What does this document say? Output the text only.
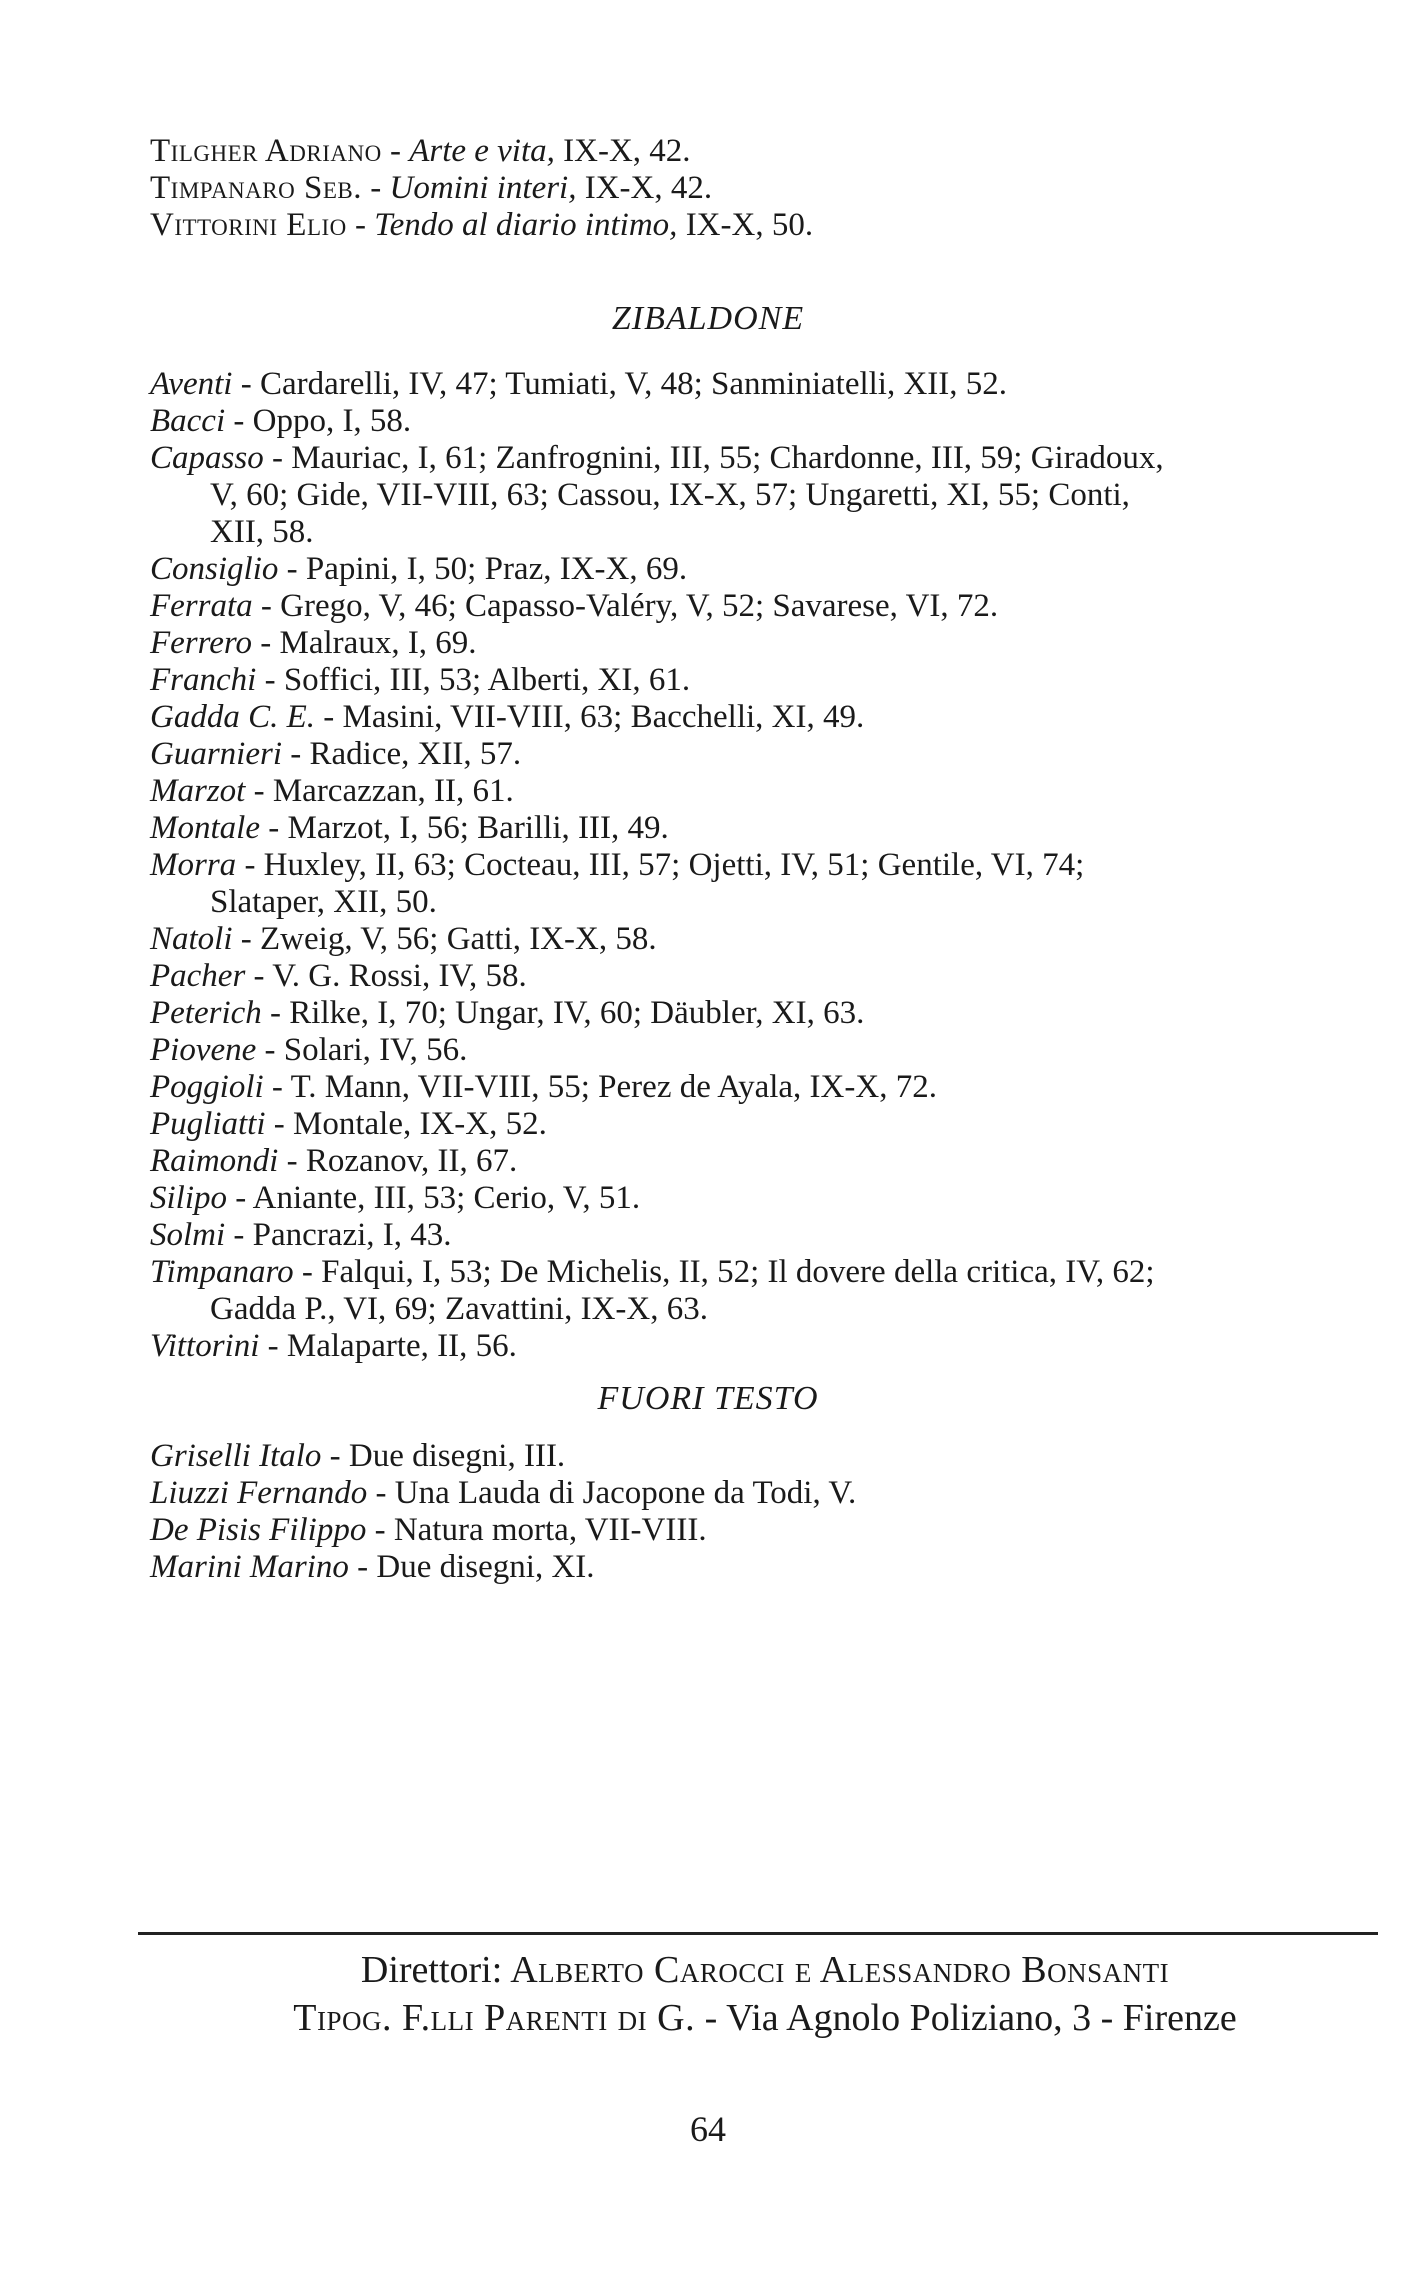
Tilgher Adriano - Arte e vita, IX-X, 42.
Timpanaro Seb. - Uomini interi, IX-X, 42.
Vittorini Elio - Tendo al diario intimo, IX-X, 50.
ZIBALDONE
Aventi - Cardarelli, IV, 47; Tumiati, V, 48; Sanminiatelli, XII, 52.
Bacci - Oppo, I, 58.
Capasso - Mauriac, I, 61; Zanfrognini, III, 55; Chardonne, III, 59; Giradoux,
V, 60; Gide, VII-VIII, 63; Cassou, IX-X, 57; Ungaretti, XI, 55; Conti,
XII, 58.
Consiglio - Papini, I, 50; Praz, IX-X, 69.
Ferrata - Grego, V, 46; Capasso-Valéry, V, 52; Savarese, VI, 72.
Ferrero - Malraux, I, 69.
Franchi - Soffici, III, 53; Alberti, XI, 61.
Gadda C. E. - Masini, VII-VIII, 63; Bacchelli, XI, 49.
Guarnieri - Radice, XII, 57.
Marzot - Marcazzan, II, 61.
Montale - Marzot, I, 56; Barilli, III, 49.
Morra - Huxley, II, 63; Cocteau, III, 57; Ojetti, IV, 51; Gentile, VI, 74;
Slataper, XII, 50.
Natoli - Zweig, V, 56; Gatti, IX-X, 58.
Pacher - V. G. Rossi, IV, 58.
Peterich - Rilke, I, 70; Ungar, IV, 60; Däubler, XI, 63.
Piovene - Solari, IV, 56.
Poggioli - T. Mann, VII-VIII, 55; Perez de Ayala, IX-X, 72.
Pugliatti - Montale, IX-X, 52.
Raimondi - Rozanov, II, 67.
Silipo - Aniante, III, 53; Cerio, V, 51.
Solmi - Pancrazi, I, 43.
Timpanaro - Falqui, I, 53; De Michelis, II, 52; Il dovere della critica, IV, 62;
Gadda P., VI, 69; Zavattini, IX-X, 63.
Vittorini - Malaparte, II, 56.
FUORI TESTO
Griselli Italo - Due disegni, III.
Liuzzi Fernando - Una Lauda di Jacopone da Todi, V.
De Pisis Filippo - Natura morta, VII-VIII.
Marini Marino - Due disegni, XI.
Direttori: Alberto Carocci e Alessandro Bonsanti
Tipog. F.lli Parenti di G. - Via Agnolo Poliziano, 3 - Firenze
64
